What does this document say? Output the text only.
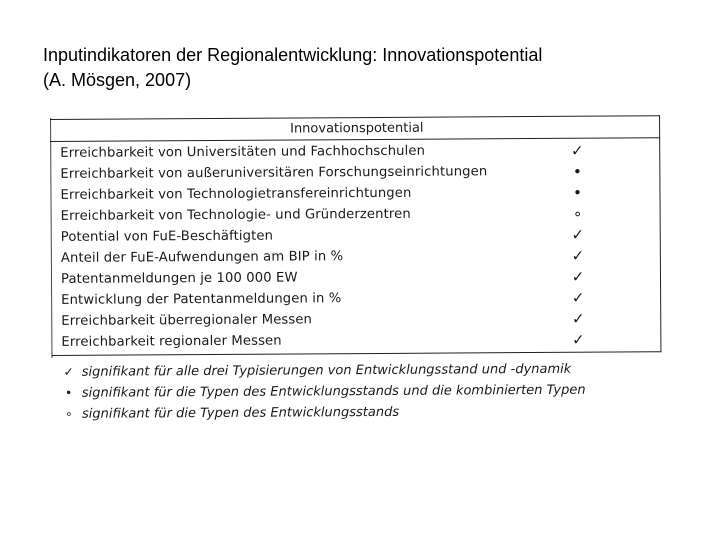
Inputindikatoren der Regionalentwicklung: Innovationspotential
(A. Mösgen, 2007)
Innovationspotential
Erreichbarkeit von Universitäten und Fachhochschulen	✓
Erreichbarkeit von außeruniversitären Forschungseinrichtungen	•
Erreichbarkeit von Technologietransfereinrichtungen	•
Erreichbarkeit von Technologie- und Gründerzentren	∘
Potential von FuE-Beschäftigten	✓
Anteil der FuE-Aufwendungen am BIP in %	✓
Patentanmeldungen je 100 000 EW	✓
Entwicklung der Patentanmeldungen in %	✓
Erreichbarkeit überregionaler Messen	✓
Erreichbarkeit regionaler Messen	✓
✓ signifikant für alle drei Typisierungen von Entwicklungsstand und -dynamik
• signifikant für die Typen des Entwicklungsstands und die kombinierten Typen
∘ signifikant für die Typen des Entwicklungsstands
